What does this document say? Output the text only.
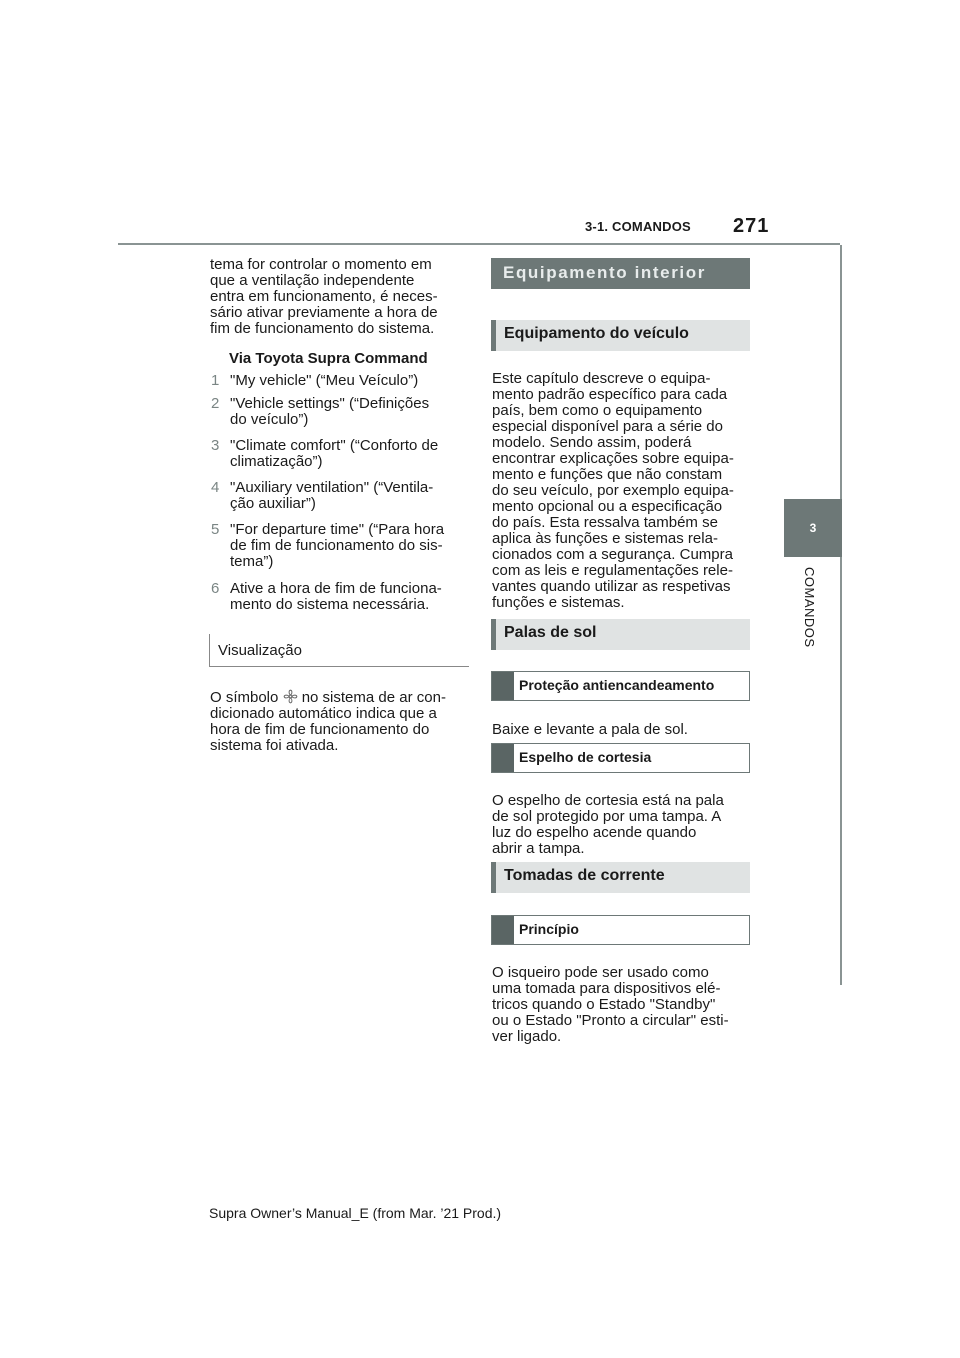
3-1. COMANDOS 271
3
COMANDOS
tema for controlar o momento em
que a ventilação independente
entra em funcionamento, é neces-
sário ativar previamente a hora de
fim de funcionamento do sistema.
Via Toyota Supra Command
1 "My vehicle" (“Meu Veículo”)
2 "Vehicle settings" (“Definições
do veículo”)
3 "Climate comfort" (“Conforto de
climatização”)
4 "Auxiliary ventilation" (“Ventila-
ção auxiliar”)
5 "For departure time" (“Para hora
de fim de funcionamento do sis-
tema”)
6 Ative a hora de fim de funciona-
mento do sistema necessária.
Visualização
O símbolo no sistema de ar con-
dicionado automático indica que a
hora de fim de funcionamento do
sistema foi ativada.
Equipamento interior
Equipamento do veículo
Este capítulo descreve o equipa-
mento padrão específico para cada
país, bem como o equipamento
especial disponível para a série do
modelo. Sendo assim, poderá
encontrar explicações sobre equipa-
mento e funções que não constam
do seu veículo, por exemplo equipa-
mento opcional ou a especificação
do país. Esta ressalva também se
aplica às funções e sistemas rela-
cionados com a segurança. Cumpra
com as leis e regulamentações rele-
vantes quando utilizar as respetivas
funções e sistemas.
Palas de sol
Proteção antiencandeamento
Baixe e levante a pala de sol.
Espelho de cortesia
O espelho de cortesia está na pala
de sol protegido por uma tampa. A
luz do espelho acende quando
abrir a tampa.
Tomadas de corrente
Princípio
O isqueiro pode ser usado como
uma tomada para dispositivos elé-
tricos quando o Estado "Standby"
ou o Estado "Pronto a circular" esti-
ver ligado.
Supra Owner’s Manual_E (from Mar. ’21 Prod.)
